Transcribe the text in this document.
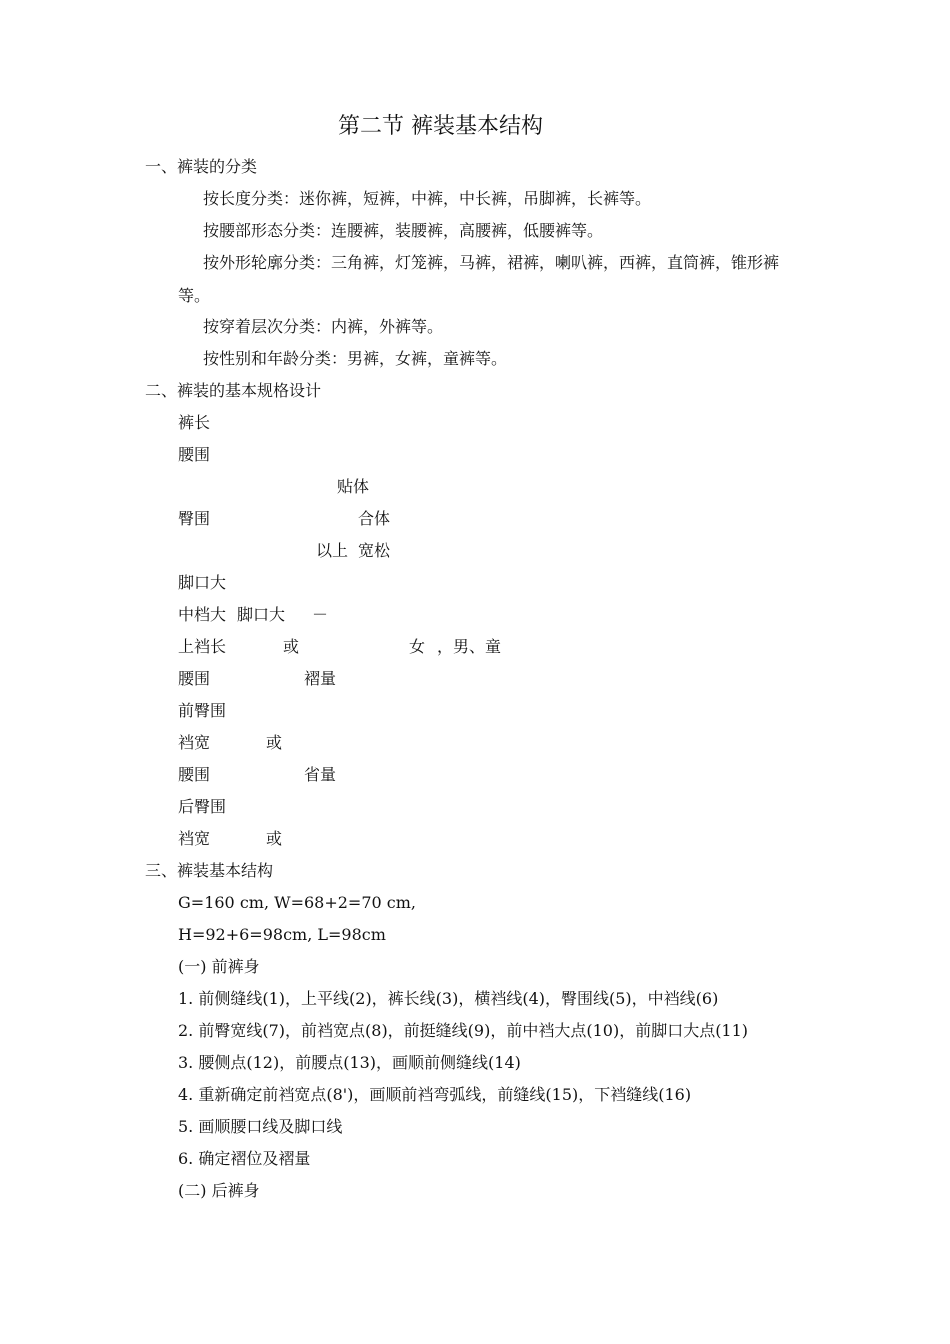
第二节 裤装基本结构
一、裤装的分类
按长度分类：迷你裤，短裤，中裤，中长裤，吊脚裤，长裤等。
按腰部形态分类：连腰裤，装腰裤，高腰裤，低腰裤等。
按外形轮廓分类：三角裤，灯笼裤，马裤，裙裤，喇叭裤，西裤，直筒裤，锥形裤
等。
按穿着层次分类：内裤，外裤等。
按性别和年龄分类：男裤，女裤，童裤等。
二、裤装的基本规格设计
裤长
腰围
贴体
臀围	合体
以上 宽松
脚口大
中档大 脚口大 －
上裆长	或	女 ，男、童
腰围	褶量
前臀围
裆宽	或
腰围	省量
后臀围
裆宽	或
三、裤装基本结构
G=160 cm, W=68+2=70 cm,
H=92+6=98cm, L=98cm
(一) 前裤身
1. 前侧缝线(1)，上平线(2)，裤长线(3)，横裆线(4)，臀围线(5)，中裆线(6)
2. 前臀宽线(7)，前裆宽点(8)，前挺缝线(9)，前中裆大点(10)，前脚口大点(11)
3. 腰侧点(12)，前腰点(13)，画顺前侧缝线(14)
4. 重新确定前裆宽点(8')，画顺前裆弯弧线，前缝线(15)，下裆缝线(16)
5. 画顺腰口线及脚口线
6. 确定褶位及褶量
(二) 后裤身
